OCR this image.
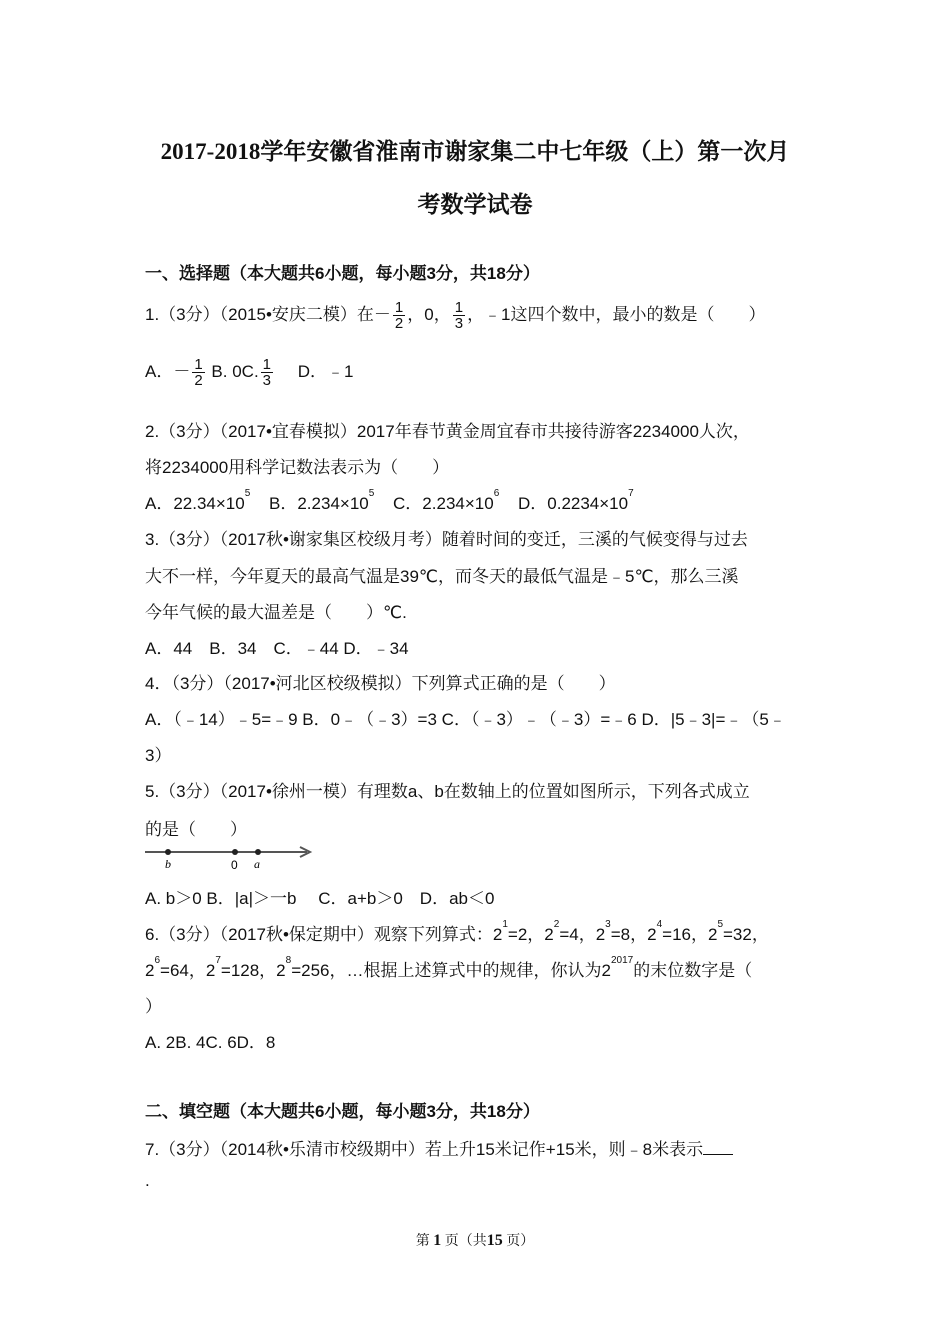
2017-2018学年安徽省淮南市谢家集二中七年级（上）第一次月
考数学试卷
一、选择题（本大题共6小题，每小题3分，共18分）
1.（3分）（2015•安庆二模）在－ $\frac{1}{2}$ ，0， $\frac{1}{3}$ ，﹣1这四个数中，最小的数是（　　）
A．－ $\frac{1}{2} B$. 0C. $\frac{1}{3}$ D．﹣1
2.（3分）（2017•宜春模拟）2017年春节黄金周宜春市共接待游客2234000人次，
将2234000用科学记数法表示为（　　）
A．$22.34\times 10^5$ B．$2.234\times 10^5$ C．$2.234\times 10^6$ D．$0.2234\times 10^7$
3.（3分）（2017秋•谢家集区校级月考）随着时间的变迁，三溪的气候变得与过去
大不一样，今年夏天的最高气温是39℃，而冬天的最低气温是﹣5℃，那么三溪
今年气候的最大温差是（　　）℃.
A．44　B．34　C．﹣44 D．﹣34
4．（3分）（2017•河北区校级模拟）下列算式正确的是（　　）
A．（﹣14）﹣5=﹣9 B．0﹣（﹣3）=3 C．（﹣3）﹣（﹣3）=﹣6 D．|5﹣3|=﹣（5﹣
3）
5.（3分）（2017•徐州一模）有理数a、b在数轴上的位置如图所示，下列各式成立
的是（　　）
b	0 a
A. b＞0 B．|a|＞一b　 C．a+b＞0　D．ab＜0
6.（3分）（2017秋•保定期中）观察下列算式：$2^1=2$，$2^2=4$，$2^3=8$，$2^4=16$，$2^5=32$，
$2^6=64$，$2^7=128$，$2^8=256$，…根据上述算式中的规律，你认为$2^{2017}$的末位数字是（
）
A. 2B. 4C. 6D．8
二、填空题（本大题共6小题，每小题3分，共18分）
7.（3分）（2014秋•乐清市校级期中）若上升15米记作+15米，则﹣8米表示
.
第 1 页（共15 页）
